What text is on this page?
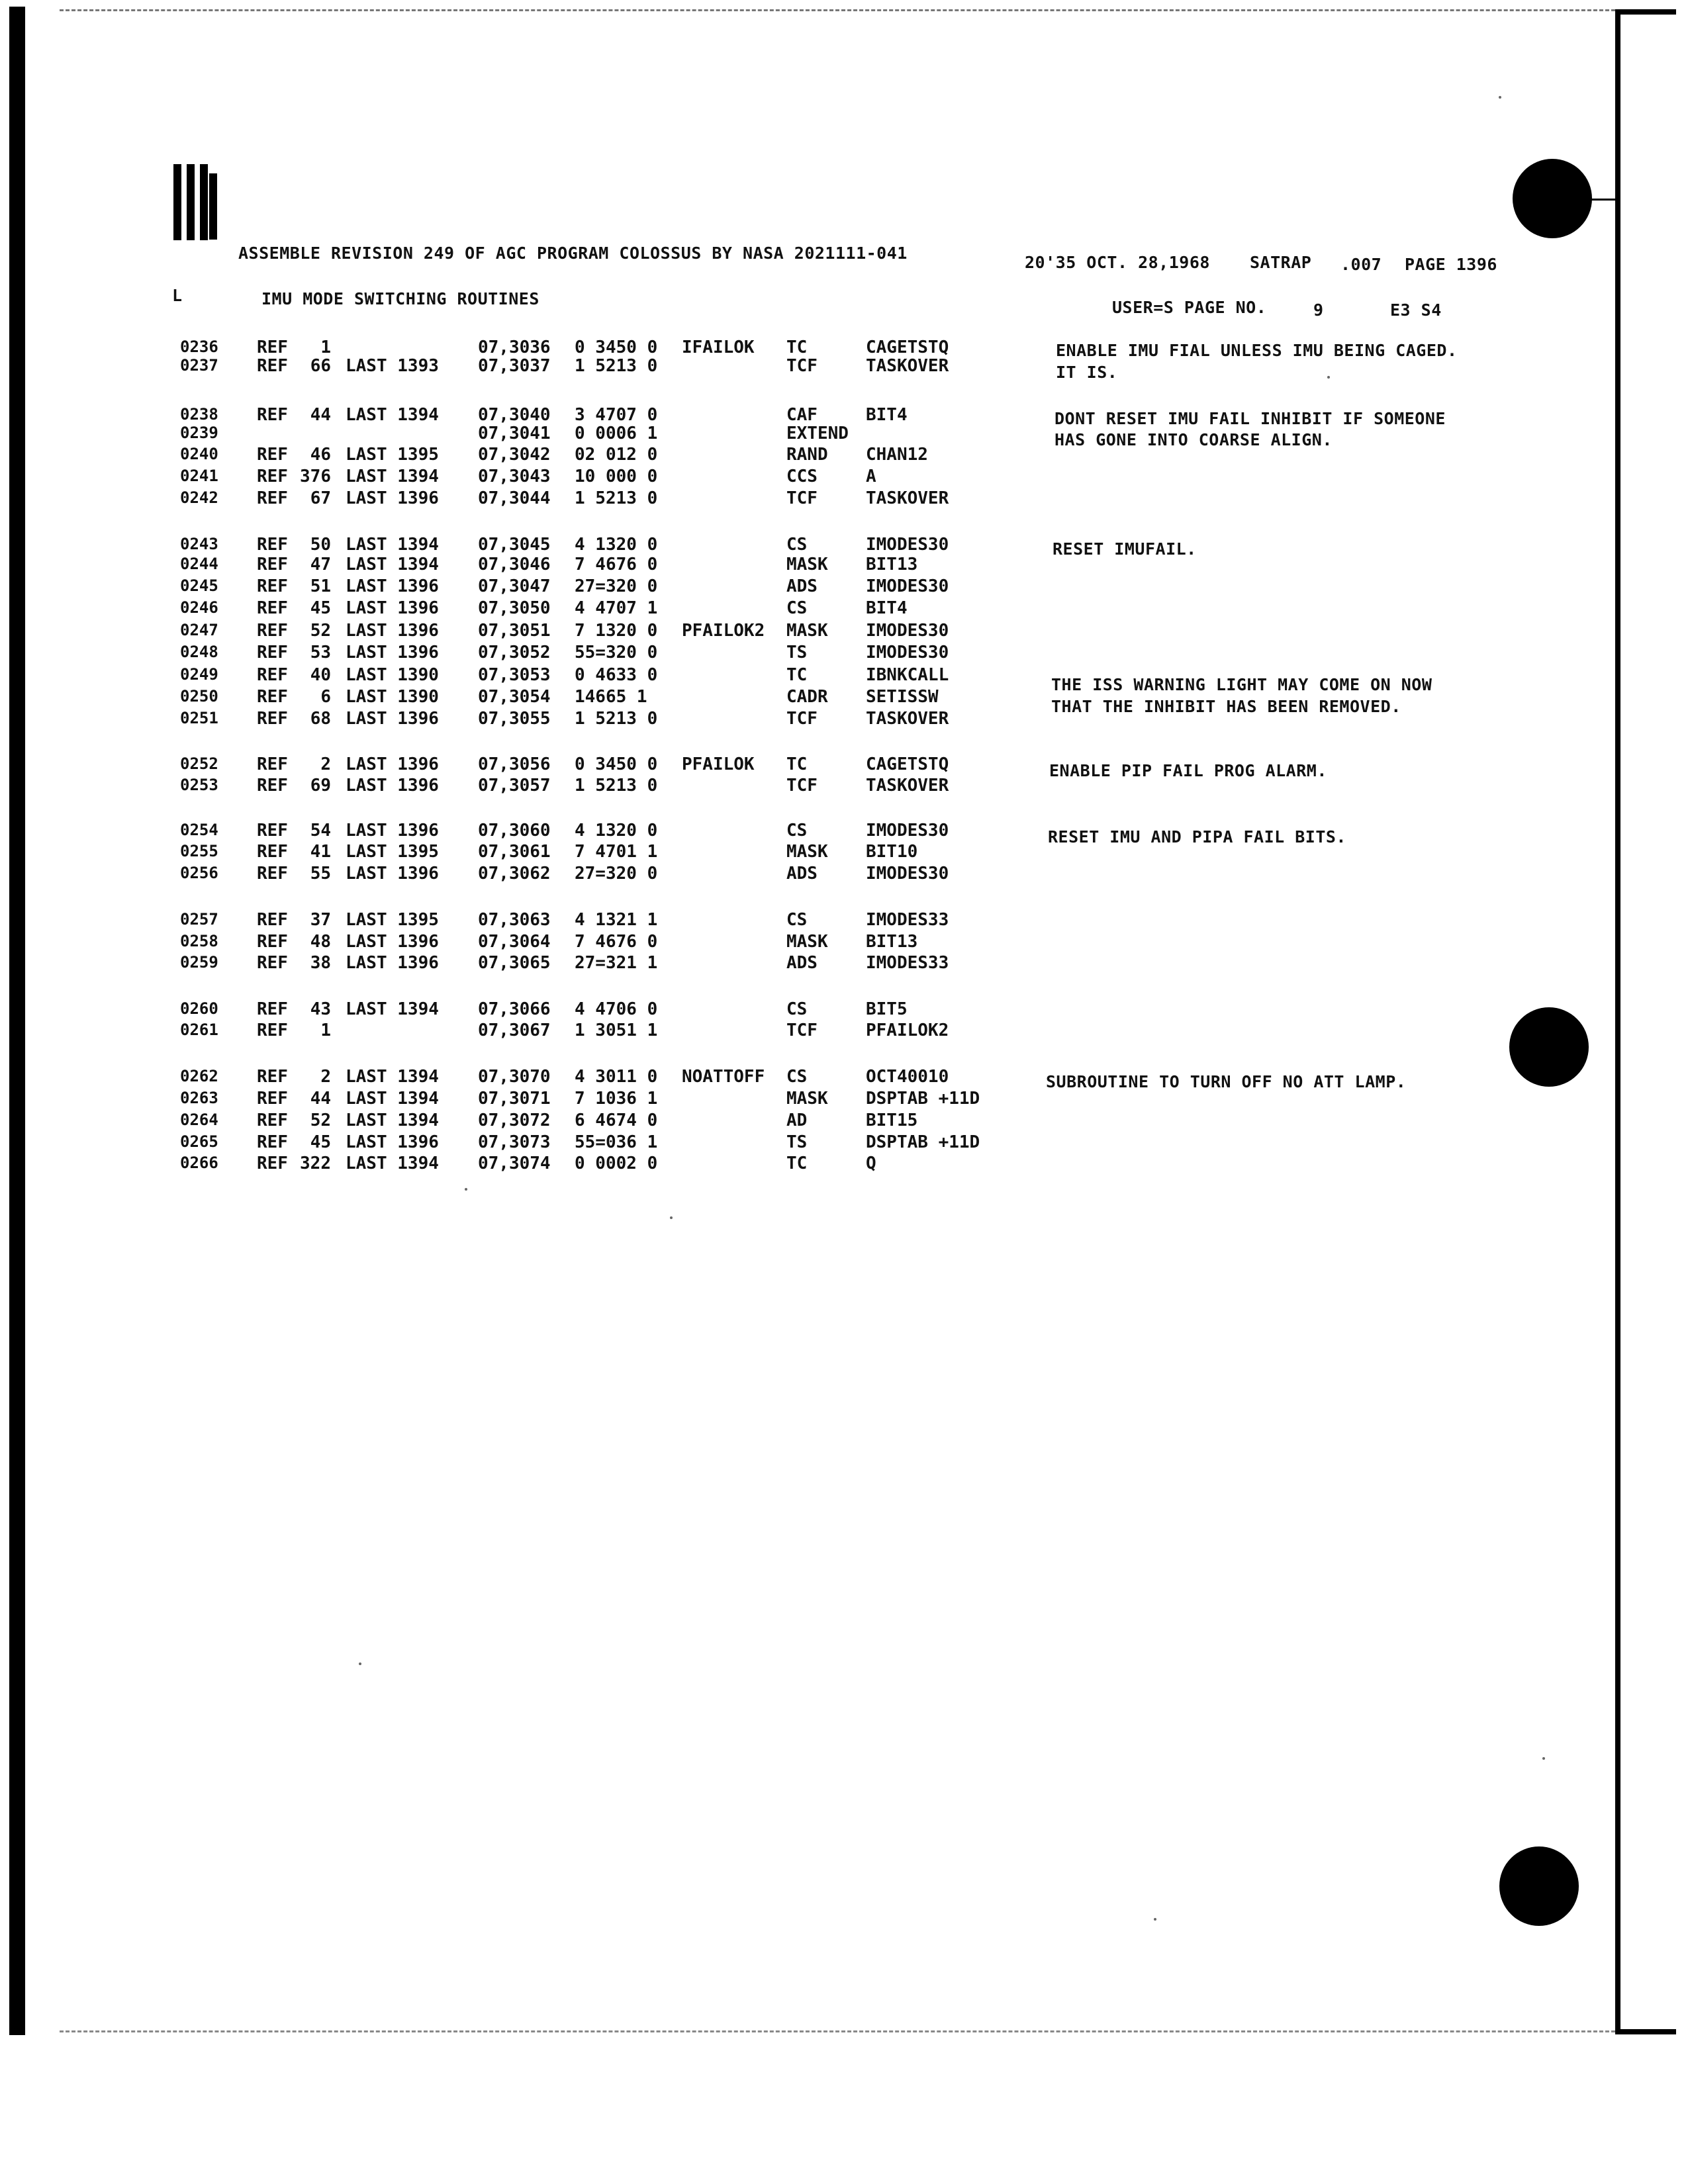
ASSEMBLE REVISION 249 OF AGC PROGRAM COLOSSUS BY NASA 2021111-041	20'35 OCT. 28,1968 SATRAP .007 PAGE 1396
L	IMU MODE SWITCHING ROUTINES	USER=S PAGE NO.	9	E3 S4
0236 REF	1	07,3036 0 3450 0 IFAILOK TC	CAGETSTQ
0237 REF	66 LAST 1393 07,3037 1 5213 0	TCF	TASKOVER
0238 REF	44 LAST 1394 07,3040 3 4707 0	CAF	BIT4
0239	07,3041 0 0006 1	EXTEND
0240 REF	46 LAST 1395 07,3042 02 012 0	RAND CHAN12
0241 REF 376 LAST 1394 07,3043 10 000 0	CCS	A
0242 REF	67 LAST 1396 07,3044 1 5213 0	TCF	TASKOVER
0243 REF	50 LAST 1394 07,3045 4 1320 0	CS	IMODES30
0244 REF	47 LAST 1394 07,3046 7 4676 0	MASK BIT13
0245 REF	51 LAST 1396 07,3047 27=320 0	ADS	IMODES30
0246 REF	45 LAST 1396 07,3050 4 4707 1	CS	BIT4
0247 REF	52 LAST 1396 07,3051 7 1320 0 PFAILOK2 MASK IMODES30
0248 REF	53 LAST 1396 07,3052 55=320 0	TS	IMODES30
0249 REF	40 LAST 1390 07,3053 0 4633 0	TC	IBNKCALL
0250 REF	6 LAST 1390 07,3054 14665 1	CADR SETISSW
0251 REF	68 LAST 1396 07,3055 1 5213 0	TCF	TASKOVER
0252 REF	2 LAST 1396 07,3056 0 3450 0 PFAILOK TC	CAGETSTQ
0253 REF	69 LAST 1396 07,3057 1 5213 0	TCF	TASKOVER
0254 REF	54 LAST 1396 07,3060 4 1320 0	CS	IMODES30
0255 REF	41 LAST 1395 07,3061 7 4701 1	MASK BIT10
0256 REF	55 LAST 1396 07,3062 27=320 0	ADS	IMODES30
0257 REF	37 LAST 1395 07,3063 4 1321 1	CS	IMODES33
0258 REF	48 LAST 1396 07,3064 7 4676 0	MASK BIT13
0259 REF	38 LAST 1396 07,3065 27=321 1	ADS	IMODES33
0260 REF	43 LAST 1394 07,3066 4 4706 0	CS	BIT5
0261 REF	1	07,3067 1 3051 1	TCF	PFAILOK2
0262 REF	2 LAST 1394 07,3070 4 3011 0 NOATTOFF CS	OCT40010
0263 REF	44 LAST 1394 07,3071 7 1036 1	MASK DSPTAB +11D
0264 REF	52 LAST 1394 07,3072 6 4674 0	AD	BIT15
0265 REF	45 LAST 1396 07,3073 55=036 1	TS	DSPTAB +11D
0266 REF 322 LAST 1394 07,3074 0 0002 0	TC	Q
ENABLE IMU FIAL UNLESS IMU BEING CAGED.
IT IS.
DONT RESET IMU FAIL INHIBIT IF SOMEONE
HAS GONE INTO COARSE ALIGN.
RESET IMUFAIL.
THE ISS WARNING LIGHT MAY COME ON NOW
THAT THE INHIBIT HAS BEEN REMOVED.
ENABLE PIP FAIL PROG ALARM.
RESET IMU AND PIPA FAIL BITS.
SUBROUTINE TO TURN OFF NO ATT LAMP.
